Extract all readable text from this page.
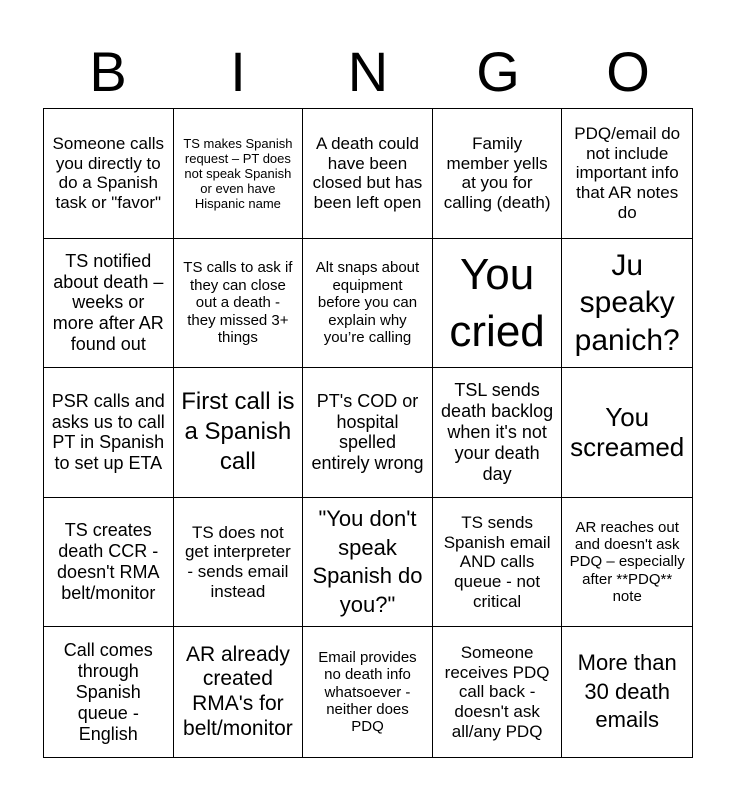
B	I	N	G	O
Someone calls you directly to do a Spanish task or "favor"
TS makes Spanish request – PT does not speak Spanish or even have Hispanic name
A death could have been closed but has been left open
Family member yells at you for calling (death)
PDQ/email do not include important info that AR notes do
TS notified about death – weeks or more after AR found out
TS calls to ask if they can close out a death - they missed 3+ things
Alt snaps about equipment before you can explain why you’re calling
You cried
Ju speaky panich?
PSR calls and asks us to call PT in Spanish to set up ETA
First call is a Spanish call
PT's COD or hospital spelled entirely wrong
TSL sends death backlog when it's not your death day
You screamed
TS creates death CCR - doesn't RMA belt/monitor
TS does not get interpreter - sends email instead
"You don't speak Spanish do you?"
TS sends Spanish email AND calls queue - not critical
AR reaches out and doesn't ask PDQ – especially after **PDQ** note
Call comes through Spanish queue - English
AR already created RMA's for belt/monitor
Email provides no death info whatsoever - neither does PDQ
Someone receives PDQ call back - doesn't ask all/any PDQ
More than 30 death emails
